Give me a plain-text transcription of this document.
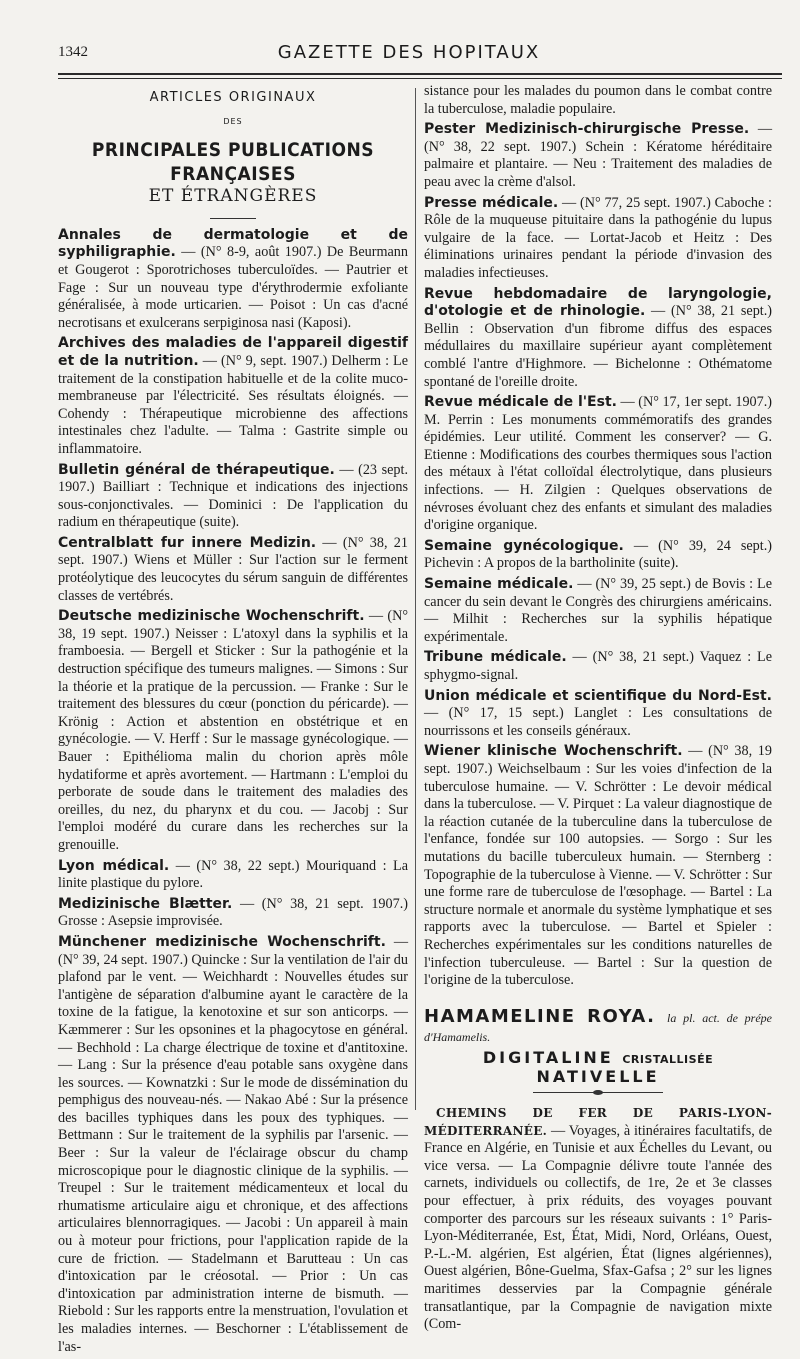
1342	GAZETTE DES HOPITAUX
ARTICLES ORIGINAUX
DES
PRINCIPALES PUBLICATIONS FRANÇAISES
ET ÉTRANGÈRES
Annales de dermatologie et de syphiligraphie. — (N° 8-9, août 1907.) De Beurmann et Gougerot : Sporotrichoses tuberculoïdes. — Pautrier et Fage : Sur un nouveau type d'érythrodermie exfoliante généralisée, à mode urticarien. — Poisot : Un cas d'acné necrotisans et exulcerans serpiginosa nasi (Kaposi).
Archives des maladies de l'appareil digestif et de la nutrition. — (N° 9, sept. 1907.) Delherm : Le traitement de la constipation habituelle et de la colite muco-membraneuse par l'électricité. Ses résultats éloignés. — Cohendy : Thérapeutique microbienne des affections intestinales chez l'adulte. — Talma : Gastrite simple ou inflammatoire.
Bulletin général de thérapeutique. — (23 sept. 1907.) Bailliart : Technique et indications des injections sous-conjonctivales. — Dominici : De l'application du radium en thérapeutique (suite).
Centralblatt fur innere Medizin. — (N° 38, 21 sept. 1907.) Wiens et Müller : Sur l'action sur le ferment protéolytique des leucocytes du sérum sanguin de différentes classes de vertébrés.
Deutsche medizinische Wochenschrift. — (N° 38, 19 sept. 1907.) Neisser : L'atoxyl dans la syphilis et la framboesia. — Bergell et Sticker : Sur la pathogénie et la destruction spécifique des tumeurs malignes. — Simons : Sur la théorie et la pratique de la percussion. — Franke : Sur le traitement des blessures du cœur (ponction du péricarde). — Krönig : Action et abstention en obstétrique et en gynécologie. — V. Herff : Sur le massage gynécologique. — Bauer : Epithélioma malin du chorion après môle hydatiforme et après avortement. — Hartmann : L'emploi du perborate de soude dans le traitement des maladies des oreilles, du nez, du pharynx et du cou. — Jacobj : Sur l'emploi modéré du curare dans les recherches sur la grenouille.
Lyon médical. — (N° 38, 22 sept.) Mouriquand : La linite plastique du pylore.
Medizinische Blætter. — (N° 38, 21 sept. 1907.) Grosse : Asepsie improvisée.
Münchener medizinische Wochenschrift. — (N° 39, 24 sept. 1907.) Quincke : Sur la ventilation de l'air du plafond par le vent. — Weichhardt : Nouvelles études sur l'antigène de séparation d'albumine ayant le caractère de la toxine de la fatigue, la kenotoxine et sur son anticorps. — Kæmmerer : Sur les opsonines et la phagocytose en général. — Bechhold : La charge électrique de toxine et d'antitoxine. — Lang : Sur la présence d'eau potable sans oxygène dans les sources. — Kownatzki : Sur le mode de dissémination du pemphigus des nouveau-nés. — Nakao Abé : Sur la présence des bacilles typhiques dans les poux des typhiques. — Bettmann : Sur le traitement de la syphilis par l'arsenic. — Beer : Sur la valeur de l'éclairage obscur du champ microscopique pour le diagnostic clinique de la syphilis. — Treupel : Sur le traitement médicamenteux et local du rhumatisme articulaire aigu et chronique, et des affections articulaires blennorragiques. — Jacobi : Un appareil à main ou à moteur pour frictions, pour l'application rapide de la cure de friction. — Stadelmann et Barutteau : Un cas d'intoxication par le créosotal. — Prior : Un cas d'intoxication par administration interne de bismuth. — Riebold : Sur les rapports entre la menstruation, l'ovulation et les maladies internes. — Beschorner : L'établissement de l'as-
sistance pour les malades du poumon dans le combat contre la tuberculose, maladie populaire.
Pester Medizinisch-chirurgische Presse. — (N° 38, 22 sept. 1907.) Schein : Kératome héréditaire palmaire et plantaire. — Neu : Traitement des maladies de peau avec la crème d'alsol.
Presse médicale. — (N° 77, 25 sept. 1907.) Caboche : Rôle de la muqueuse pituitaire dans la pathogénie du lupus vulgaire de la face. — Lortat-Jacob et Heitz : Des éliminations urinaires pendant la période d'invasion des maladies infectieuses.
Revue hebdomadaire de laryngologie, d'otologie et de rhinologie. — (N° 38, 21 sept.) Bellin : Observation d'un fibrome diffus des espaces médullaires du maxillaire supérieur ayant complètement comblé l'antre d'Highmore. — Bichelonne : Othématome spontané de l'oreille droite.
Revue médicale de l'Est. — (N° 17, 1er sept. 1907.) M. Perrin : Les monuments commémoratifs des grandes épidémies. Leur utilité. Comment les conserver? — G. Etienne : Modifications des courbes thermiques sous l'action des métaux à l'état colloïdal électrolytique, dans plusieurs infections. — H. Zilgien : Quelques observations de névroses évoluant chez des enfants et simulant des maladies d'origine organique.
Semaine gynécologique. — (N° 39, 24 sept.) Pichevin : A propos de la bartholinite (suite).
Semaine médicale. — (N° 39, 25 sept.) de Bovis : Le cancer du sein devant le Congrès des chirurgiens américains. — Milhit : Recherches sur la syphilis hépatique expérimentale.
Tribune médicale. — (N° 38, 21 sept.) Vaquez : Le sphygmo-signal.
Union médicale et scientifique du Nord-Est. — (N° 17, 15 sept.) Langlet : Les consultations de nourrissons et les conseils généraux.
Wiener klinische Wochenschrift. — (N° 38, 19 sept. 1907.) Weichselbaum : Sur les voies d'infection de la tuberculose humaine. — V. Schrötter : Le devoir médical dans la tuberculose. — V. Pirquet : La valeur diagnostique de la réaction cutanée de la tuberculine dans la tuberculose de l'enfance, fondée sur 100 autopsies. — Sorgo : Sur les mutations du bacille tuberculeux humain. — Sternberg : Topographie de la tuberculose à Vienne. — V. Schrötter : Sur une forme rare de tuberculose de l'œsophage. — Bartel : La structure normale et anormale du système lymphatique et ses rapports avec la tuberculose. — Bartel et Spieler : Recherches expérimentales sur les conditions naturelles de l'infection tuberculeuse. — Bartel : Sur la question de l'origine de la tuberculose.
HAMAMELINE ROYA. la pl. act. de prépe d'Hamamelis.
DIGITALINE CRISTALLISÉE NATIVELLE
CHEMINS DE FER DE PARIS-LYON-MÉDITERRANÉE. — Voyages, à itinéraires facultatifs, de France en Algérie, en Tunisie et aux Échelles du Levant, ou vice versa. — La Compagnie délivre toute l'année des carnets, individuels ou collectifs, de 1re, 2e et 3e classes pour effectuer, à prix réduits, des voyages pouvant comporter des parcours sur les réseaux suivants : 1° Paris-Lyon-Méditerranée, Est, État, Midi, Nord, Orléans, Ouest, P.-L.-M. algérien, Est algérien, État (lignes algériennes), Ouest algérien, Bône-Guelma, Sfax-Gafsa ; 2° sur les lignes maritimes desservies par la Compagnie générale transatlantique, par la Compagnie de navigation mixte (Com-
